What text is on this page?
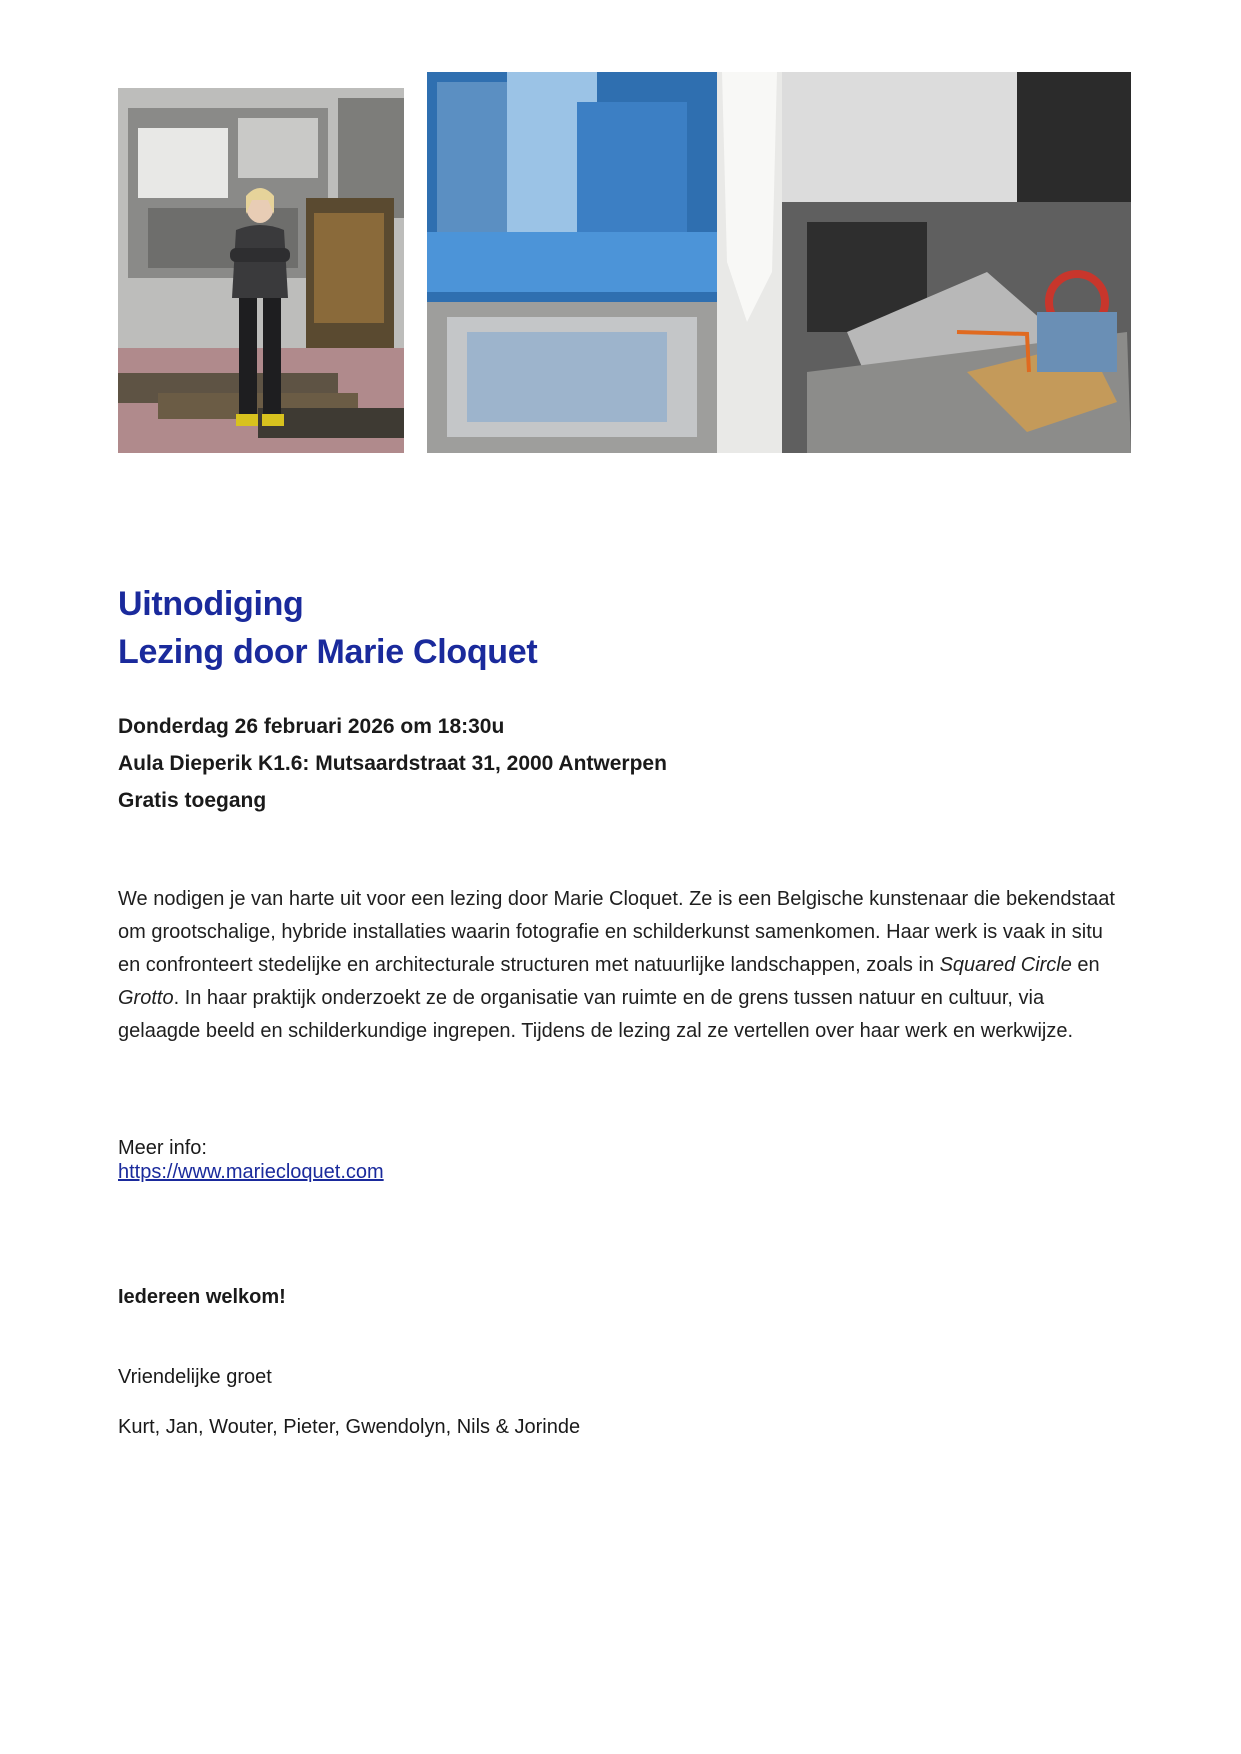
Uitnodiging
Lezing door Marie Cloquet
Donderdag 26 februari 2026 om 18:30u
Aula Dieperik K1.6: Mutsaardstraat 31, 2000 Antwerpen
Gratis toegang

We nodigen je van harte uit voor een lezing door Marie Cloquet. Ze is een Belgische kunstenaar die bekendstaat om grootschalige, hybride installaties waarin fotografie en schilderkunst samenkomen. Haar werk is vaak in situ en confronteert stedelijke en architecturale structuren met natuurlijke landschappen, zoals in Squared Circle en Grotto. In haar praktijk onderzoekt ze de organisatie van ruimte en de grens tussen natuur en cultuur, via gelaagde beeld en schilderkundige ingrepen. Tijdens de lezing zal ze vertellen over haar werk en werkwijze.

Meer info:
https://www.mariecloquet.com
Iedereen welkom!
Vriendelijke groet
Kurt, Jan, Wouter, Pieter, Gwendolyn, Nils & Jorinde
